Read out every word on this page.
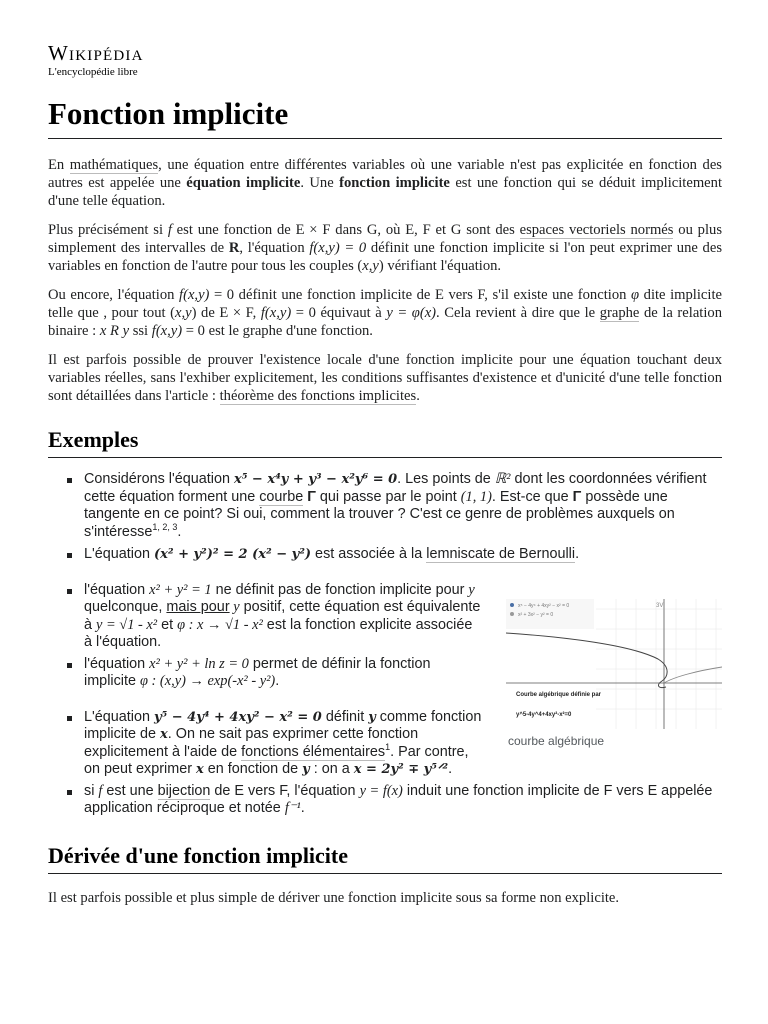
Wikipédia
L'encyclopédie libre
Fonction implicite

En mathématiques, une équation entre différentes variables où une variable n'est pas explicitée en fonction des autres est appelée une équation implicite. Une fonction implicite est une fonction qui se déduit implicitement d'une telle équation.

Plus précisément si f est une fonction de E × F dans G, où E, F et G sont des espaces vectoriels normés ou plus simplement des intervalles de R, l'équation f(x,y) = 0 définit une fonction implicite si l'on peut exprimer une des variables en fonction de l'autre pour tous les couples (x,y) vérifiant l'équation.

Ou encore, l'équation f(x,y) = 0 définit une fonction implicite de E vers F, s'il existe une fonction φ dite implicite telle que , pour tout (x,y) de E × F, f(x,y) = 0 équivaut à y = φ(x). Cela revient à dire que le graphe de la relation binaire : x R y ssi f(x,y) = 0 est le graphe d'une fonction.

Il est parfois possible de prouver l'existence locale d'une fonction implicite pour une équation touchant deux variables réelles, sans l'exhiber explicitement, les conditions suffisantes d'existence et d'unicité d'une telle fonction sont détaillées dans l'article : théorème des fonctions implicites.

Exemples
Considérons l'équation x⁵ − x⁴y + y³ − x²y⁶ = 0. Les points de ℝ² dont les coordonnées vérifient cette équation forment une courbe Γ qui passe par le point (1, 1). Est-ce que Γ possède une tangente en ce point? Si oui, comment la trouver ? C'est ce genre de problèmes auxquels on s'intéresse$^{1, 2, 3}$.
L'équation (x² + y²)² = 2 (x² − y²) est associée à la lemniscate de Bernoulli.
l'équation x² + y² = 1 ne définit pas de fonction implicite pour y quelconque, mais pour y positif, cette équation est équivalente à y = √1 - x² et φ : x → √1 - x² est la fonction explicite associée à l'équation.
l'équation x² + y² + ln z = 0 permet de définir la fonction implicite φ : (x,y) → exp(-x² - y²).
L'équation y⁵ − 4y⁴ + 4xy² − x² = 0 définit y comme fonction implicite de x. On ne sait pas exprimer cette fonction explicitement à l'aide de fonctions élémentaires$^1$. Par contre, on peut exprimer x en fonction de y : on a x = 2y² ∓ y⁵ᐟ².
si f est une bijection de E vers F, l'équation y = f(x) induit une fonction implicite de F vers E appelée application réciproque et notée f⁻¹.
Dérivée d'une fonction implicite

Il est parfois possible et plus simple de dériver une fonction implicite sous sa forme non explicite.

x⁵ − 4y⁴ + 4xy² − x² = 0
x² + 3x² − y² = 0
3V
Courbe algébrique définie par
y^5-4y^4+4xy²-x²=0
courbe algébrique
